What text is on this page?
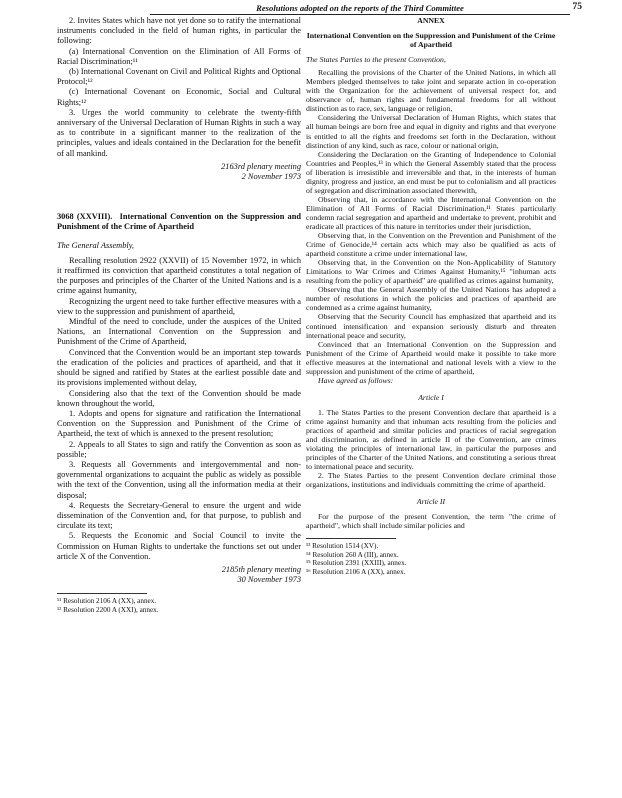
Resolutions adopted on the reports of the Third Committee	75

2. Invites States which have not yet done so to ratify the international instruments concluded in the field of human rights, in particular the following:

(a) International Convention on the Elimination of All Forms of Racial Discrimination;¹¹

(b) International Covenant on Civil and Political Rights and Optional Protocol;¹²

(c) International Covenant on Economic, Social and Cultural Rights;¹²

3. Urges the world community to celebrate the twenty-fifth anniversary of the Universal Declaration of Human Rights in such a way as to contribute in a significant manner to the realization of the principles, values and ideals contained in the Declaration for the benefit of all mankind.

2163rd plenary meeting
2 November 1973
3068 (XXVIII). International Convention on the Suppression and Punishment of the Crime of Apartheid

The General Assembly,

Recalling resolution 2922 (XXVII) of 15 November 1972, in which it reaffirmed its conviction that apartheid constitutes a total negation of the purposes and principles of the Charter of the United Nations and is a crime against humanity,

Recognizing the urgent need to take further effective measures with a view to the suppression and punishment of apartheid,

Mindful of the need to conclude, under the auspices of the United Nations, an International Convention on the Suppression and Punishment of the Crime of Apartheid,

Convinced that the Convention would be an important step towards the eradication of the policies and practices of apartheid, and that it should be signed and ratified by States at the earliest possible date and its provisions implemented without delay,

Considering also that the text of the Convention should be made known throughout the world,

1. Adopts and opens for signature and ratification the International Convention on the Suppression and Punishment of the Crime of Apartheid, the text of which is annexed to the present resolution;

2. Appeals to all States to sign and ratify the Convention as soon as possible;

3. Requests all Governments and intergovernmental and non-governmental organizations to acquaint the public as widely as possible with the text of the Convention, using all the information media at their disposal;

4. Requests the Secretary-General to ensure the urgent and wide dissemination of the Convention and, for that purpose, to publish and circulate its text;

5. Requests the Economic and Social Council to invite the Commission on Human Rights to undertake the functions set out under article X of the Convention.

2185th plenary meeting
30 November 1973
¹¹ Resolution 2106 A (XX), annex.
¹² Resolution 2200 A (XXI), annex.
ANNEX
International Convention on the Suppression and Punishment of the Crime of Apartheid

The States Parties to the present Convention,

Recalling the provisions of the Charter of the United Nations, in which all Members pledged themselves to take joint and separate action in co-operation with the Organization for the achievement of universal respect for, and observance of, human rights and fundamental freedoms for all without distinction as to race, sex, language or religion,

Considering the Universal Declaration of Human Rights, which states that all human beings are born free and equal in dignity and rights and that everyone is entitled to all the rights and freedoms set forth in the Declaration, without distinction of any kind, such as race, colour or national origin,

Considering the Declaration on the Granting of Independence to Colonial Countries and Peoples,¹³ in which the General Assembly stated that the process of liberation is irresistible and irreversible and that, in the interests of human dignity, progress and justice, an end must be put to colonialism and all practices of segregation and discrimination associated therewith,

Observing that, in accordance with the International Convention on the Elimination of All Forms of Racial Discrimination,¹¹ States particularly condemn racial segregation and apartheid and undertake to prevent, prohibit and eradicate all practices of this nature in territories under their jurisdiction,

Observing that, in the Convention on the Prevention and Punishment of the Crime of Genocide,¹⁴ certain acts which may also be qualified as acts of apartheid constitute a crime under international law,

Observing that, in the Convention on the Non-Applicability of Statutory Limitations to War Crimes and Crimes Against Humanity,¹⁵ "inhuman acts resulting from the policy of apartheid" are qualified as crimes against humanity,

Observing that the General Assembly of the United Nations has adopted a number of resolutions in which the policies and practices of apartheid are condemned as a crime against humanity,

Observing that the Security Council has emphasized that apartheid and its continued intensification and expansion seriously disturb and threaten international peace and security,

Convinced that an International Convention on the Suppression and Punishment of the Crime of Apartheid would make it possible to take more effective measures at the international and national levels with a view to the suppression and punishment of the crime of apartheid,

Have agreed as follows:

Article I

1. The States Parties to the present Convention declare that apartheid is a crime against humanity and that inhuman acts resulting from the policies and practices of apartheid and similar policies and practices of racial segregation and discrimination, as defined in article II of the Convention, are crimes violating the principles of international law, in particular the purposes and principles of the Charter of the United Nations, and constituting a serious threat to international peace and security.

2. The States Parties to the present Convention declare criminal those organizations, institutions and individuals committing the crime of apartheid.

Article II

For the purpose of the present Convention, the term "the crime of apartheid", which shall include similar policies and

¹³ Resolution 1514 (XV).
¹⁴ Resolution 260 A (III), annex.
¹⁵ Resolution 2391 (XXIII), annex.
¹⁶ Resolution 2106 A (XX), annex.
